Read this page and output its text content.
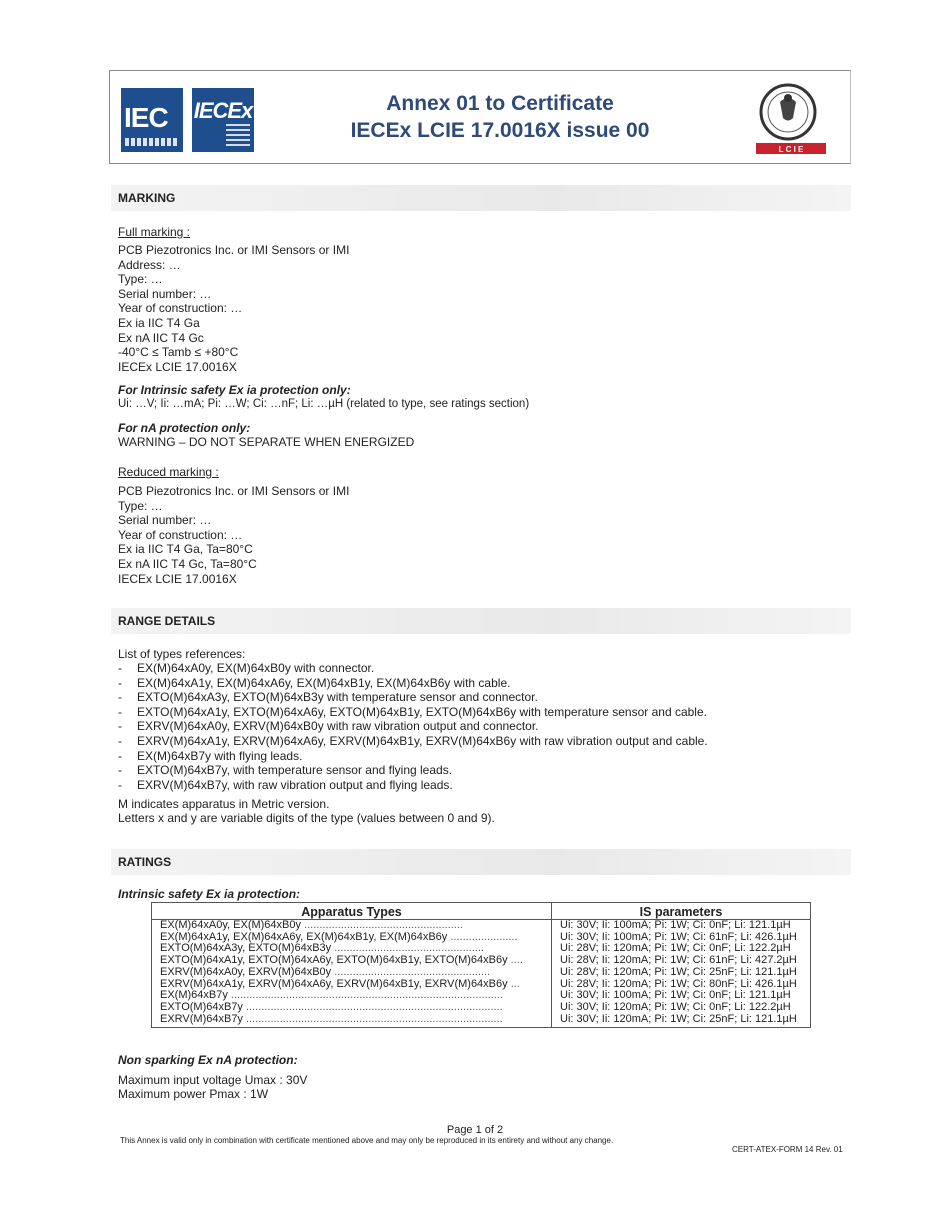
IEC IECEx	Annex 01 to Certificate
IECEx LCIE 17.0016X issue 00
L C I E
MARKING
Full marking :
PCB Piezotronics Inc. or IMI Sensors or IMI
Address: …
Type: …
Serial number: …
Year of construction: …
Ex ia IIC T4 Ga
Ex nA IIC T4 Gc
-40°C ≤ Tamb ≤ +80°C
IECEx LCIE 17.0016X
For Intrinsic safety Ex ia protection only:
Ui: …V; Ii: …mA; Pi: …W; Ci: …nF; Li: …µH (related to type, see ratings section)
For nA protection only:
WARNING – DO NOT SEPARATE WHEN ENERGIZED
Reduced marking :
PCB Piezotronics Inc. or IMI Sensors or IMI
Type: …
Serial number: …
Year of construction: …
Ex ia IIC T4 Ga, Ta=80°C
Ex nA IIC T4 Gc, Ta=80°C
IECEx LCIE 17.0016X
RANGE DETAILS
List of types references:
- EX(M)64xA0y, EX(M)64xB0y with connector.
- EX(M)64xA1y, EX(M)64xA6y, EX(M)64xB1y, EX(M)64xB6y with cable.
- EXTO(M)64xA3y, EXTO(M)64xB3y with temperature sensor and connector.
- EXTO(M)64xA1y, EXTO(M)64xA6y, EXTO(M)64xB1y, EXTO(M)64xB6y with temperature sensor and cable.
- EXRV(M)64xA0y, EXRV(M)64xB0y with raw vibration output and connector.
- EXRV(M)64xA1y, EXRV(M)64xA6y, EXRV(M)64xB1y, EXRV(M)64xB6y with raw vibration output and cable.
- EX(M)64xB7y with flying leads.
- EXTO(M)64xB7y, with temperature sensor and flying leads.
- EXRV(M)64xB7y, with raw vibration output and flying leads.
M indicates apparatus in Metric version.
Letters x and y are variable digits of the type (values between 0 and 9).
RATINGS
Intrinsic safety Ex ia protection:
Apparatus Types	IS parameters
EX(M)64xA0y, EX(M)64xB0y ....................................................	Ui: 30V; Ii: 100mA; Pi: 1W; Ci: 0nF; Li: 121.1µH
EX(M)64xA1y, EX(M)64xA6y, EX(M)64xB1y, EX(M)64xB6y ......................	Ui: 30V; Ii: 100mA; Pi: 1W; Ci: 61nF; Li: 426.1µH
EXTO(M)64xA3y, EXTO(M)64xB3y .................................................	Ui: 28V; Ii: 120mA; Pi: 1W; Ci: 0nF; Li: 122.2µH
EXTO(M)64xA1y, EXTO(M)64xA6y, EXTO(M)64xB1y, EXTO(M)64xB6y ....	Ui: 28V; Ii: 120mA; Pi: 1W; Ci: 61nF; Li: 427.2µH
EXRV(M)64xA0y, EXRV(M)64xB0y ...................................................	Ui: 28V; Ii: 120mA; Pi: 1W; Ci: 25nF; Li: 121.1µH
EXRV(M)64xA1y, EXRV(M)64xA6y, EXRV(M)64xB1y, EXRV(M)64xB6y ...	Ui: 28V; Ii: 120mA; Pi: 1W; Ci: 80nF; Li: 426.1µH
EX(M)64xB7y .........................................................................................	Ui: 30V; Ii: 100mA; Pi: 1W; Ci: 0nF; Li: 121.1µH
EXTO(M)64xB7y ....................................................................................	Ui: 30V; Ii: 120mA; Pi: 1W; Ci: 0nF; Li: 122.2µH
EXRV(M)64xB7y ....................................................................................	Ui: 30V; Ii: 120mA; Pi: 1W; Ci: 25nF; Li: 121.1µH
Non sparking Ex nA protection:
Maximum input voltage Umax : 30V
Maximum power Pmax : 1W
Page 1 of 2
This Annex is valid only in combination with certificate mentioned above and may only be reproduced in its entirety and without any change.
CERT-ATEX-FORM 14 Rev. 01
